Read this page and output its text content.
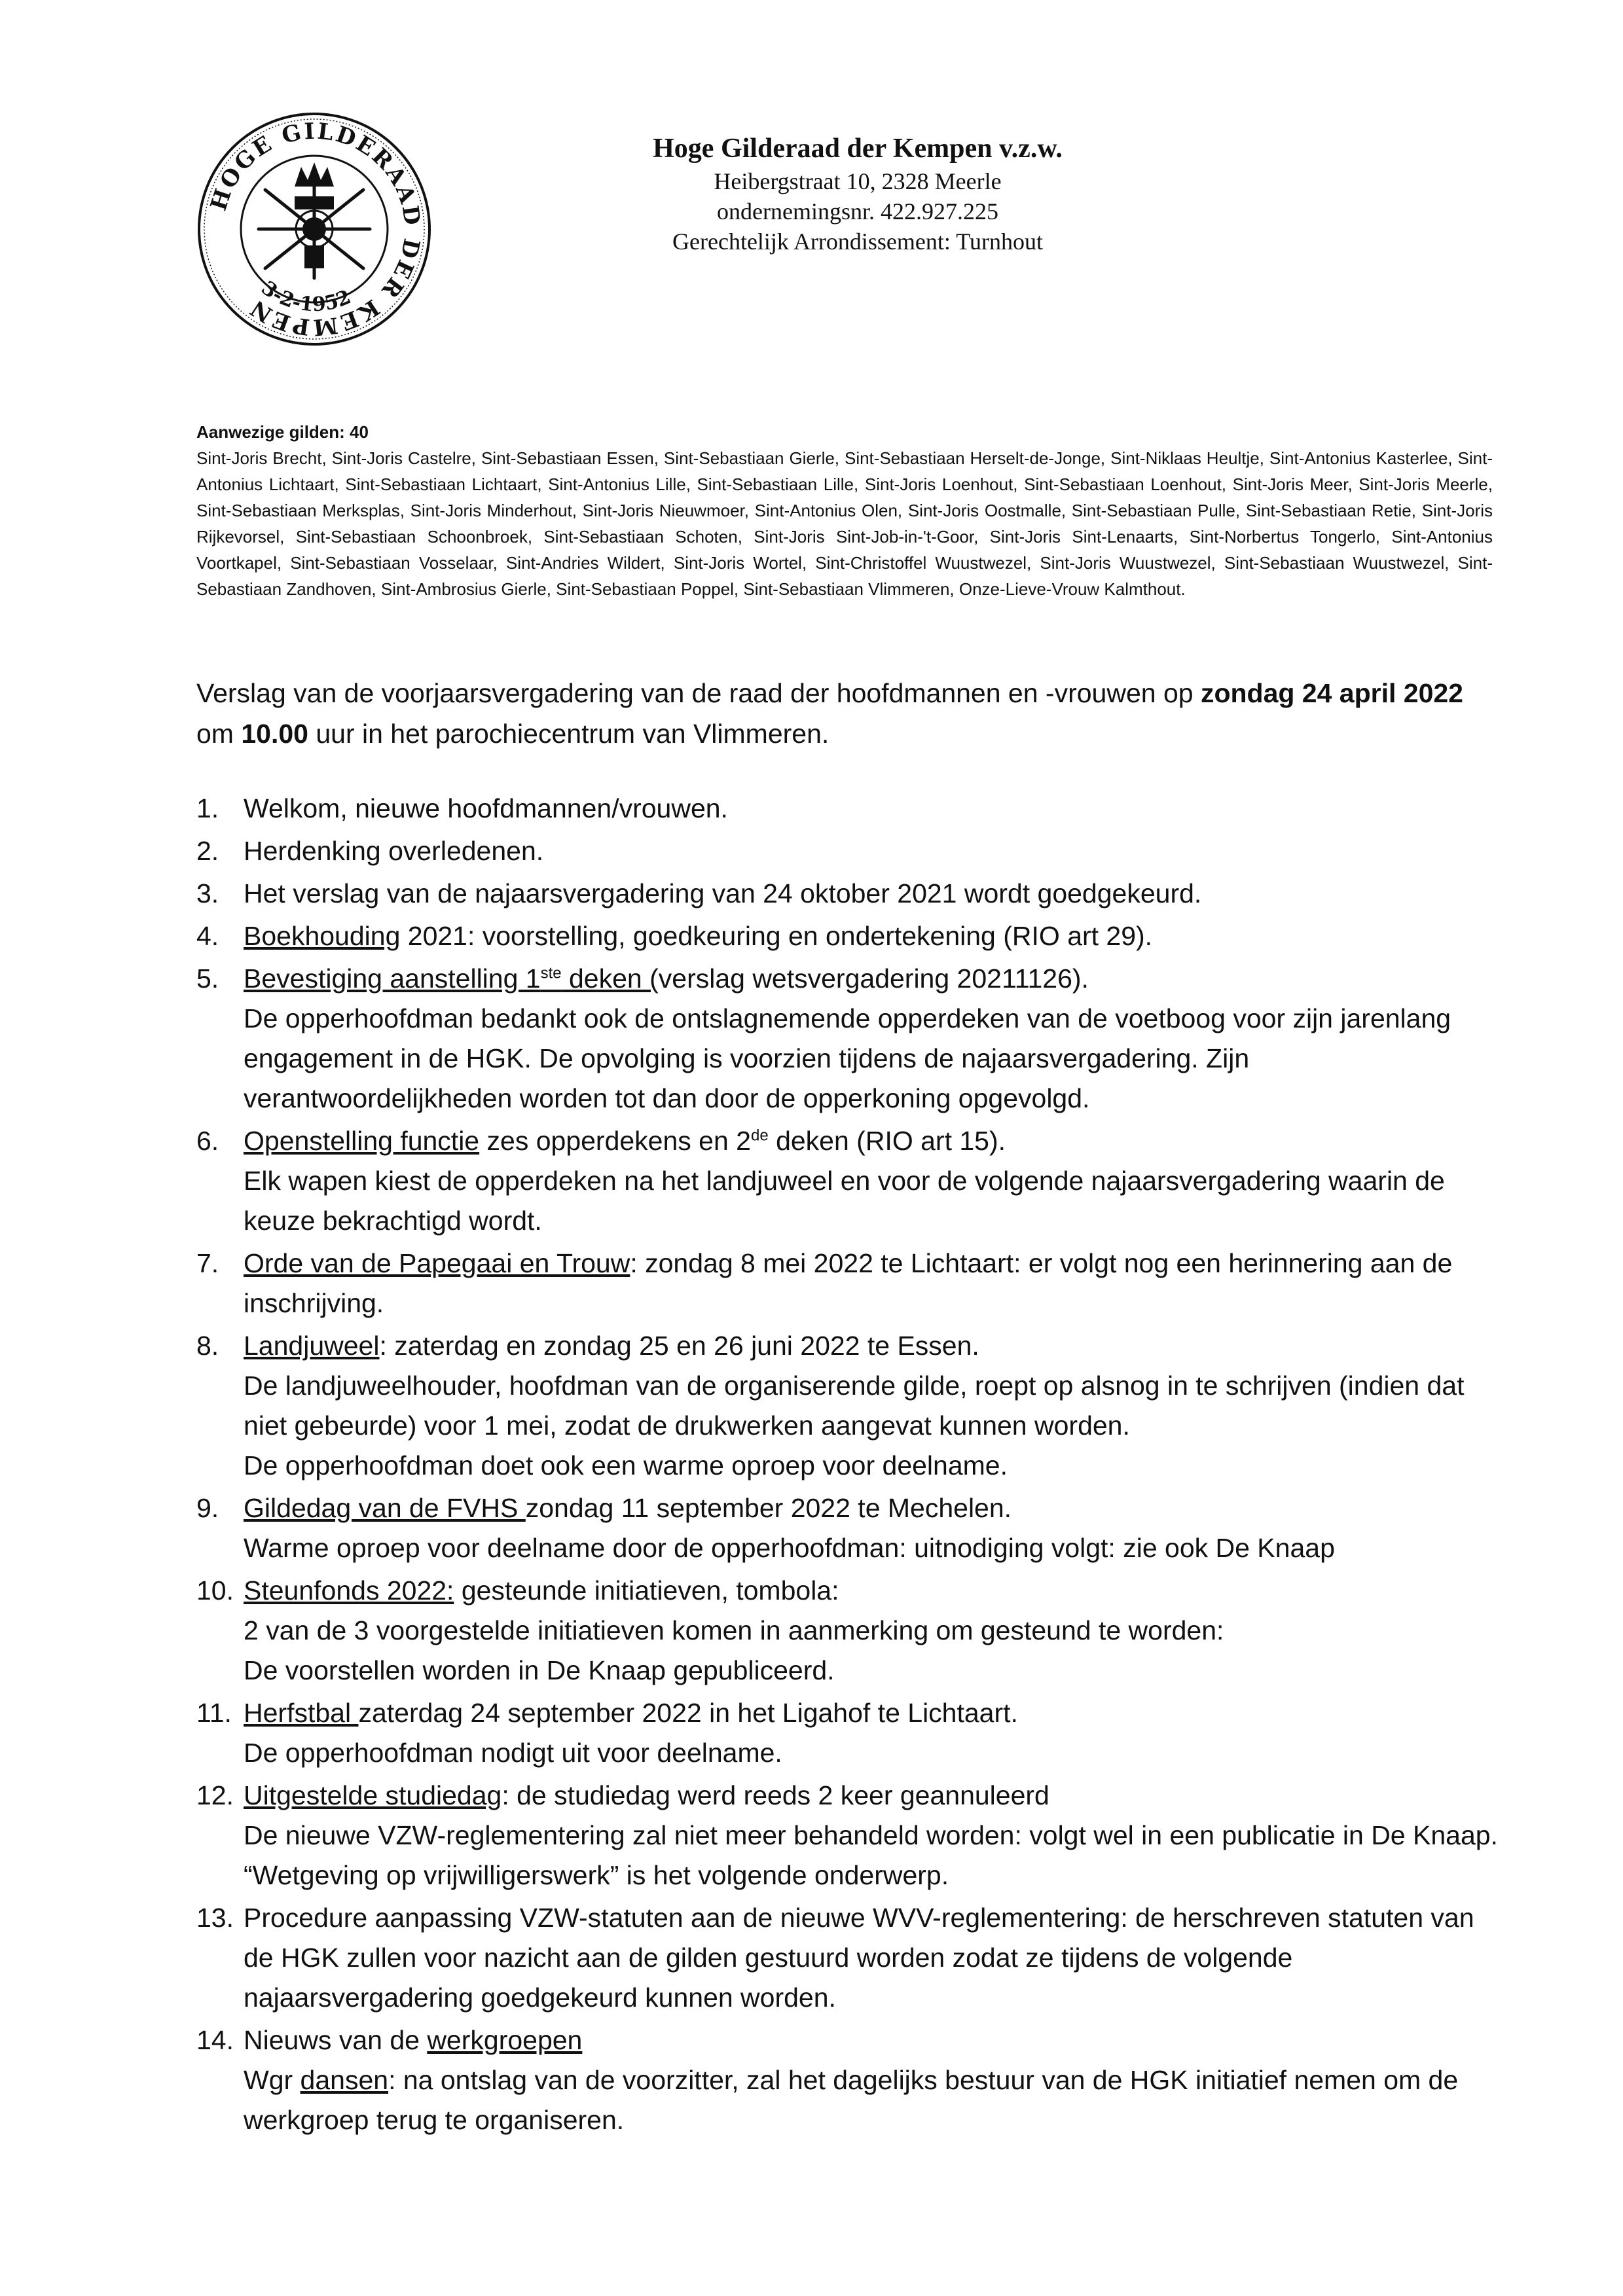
HOGE GILDERAAD DER KEMPEN
3-2-1952
Hoge Gilderaad der Kempen v.z.w.
Heibergstraat 10, 2328 Meerle
ondernemingsnr. 422.927.225
Gerechtelijk Arrondissement: Turnhout
Aanwezige gilden: 40
Sint-Joris Brecht, Sint-Joris Castelre, Sint-Sebastiaan Essen, Sint-Sebastiaan Gierle, Sint-Sebastiaan Herselt-de-Jonge, Sint-Niklaas Heultje, Sint-Antonius Kasterlee, Sint-Antonius Lichtaart, Sint-Sebastiaan Lichtaart, Sint-Antonius Lille, Sint-Sebastiaan Lille, Sint-Joris Loenhout, Sint-Sebastiaan Loenhout, Sint-Joris Meer, Sint-Joris Meerle, Sint-Sebastiaan Merksplas, Sint-Joris Minderhout, Sint-Joris Nieuwmoer, Sint-Antonius Olen, Sint-Joris Oostmalle, Sint-Sebastiaan Pulle, Sint-Sebastiaan Retie, Sint-Joris Rijkevorsel, Sint-Sebastiaan Schoonbroek, Sint-Sebastiaan Schoten, Sint-Joris Sint-Job-in-'t-Goor, Sint-Joris Sint-Lenaarts, Sint-Norbertus Tongerlo, Sint-Antonius Voortkapel, Sint-Sebastiaan Vosselaar, Sint-Andries Wildert, Sint-Joris Wortel, Sint-Christoffel Wuustwezel, Sint-Joris Wuustwezel, Sint-Sebastiaan Wuustwezel, Sint-Sebastiaan Zandhoven, Sint-Ambrosius Gierle, Sint-Sebastiaan Poppel, Sint-Sebastiaan Vlimmeren, Onze-Lieve-Vrouw Kalmthout.
Verslag van de voorjaarsvergadering van de raad der hoofdmannen en -vrouwen op zondag 24 april 2022 om 10.00 uur in het parochiecentrum van Vlimmeren.
1. Welkom, nieuwe hoofdmannen/vrouwen.
2. Herdenking overledenen.
3. Het verslag van de najaarsvergadering van 24 oktober 2021 wordt goedgekeurd.
4. Boekhouding 2021: voorstelling, goedkeuring en ondertekening (RIO art 29).
5. Bevestiging aanstelling 1ste deken (verslag wetsvergadering 20211126).
De opperhoofdman bedankt ook de ontslagnemende opperdeken van de voetboog voor zijn jarenlang engagement in de HGK. De opvolging is voorzien tijdens de najaarsvergadering. Zijn verantwoordelijkheden worden tot dan door de opperkoning opgevolgd.
6. Openstelling functie zes opperdekens en 2de deken (RIO art 15).
Elk wapen kiest de opperdeken na het landjuweel en voor de volgende najaarsvergadering waarin de keuze bekrachtigd wordt.
7. Orde van de Papegaai en Trouw: zondag 8 mei 2022 te Lichtaart: er volgt nog een herinnering aan de inschrijving.
8. Landjuweel: zaterdag en zondag 25 en 26 juni 2022 te Essen.
De landjuweelhouder, hoofdman van de organiserende gilde, roept op alsnog in te schrijven (indien dat niet gebeurde) voor 1 mei, zodat de drukwerken aangevat kunnen worden.
De opperhoofdman doet ook een warme oproep voor deelname.
9. Gildedag van de FVHS zondag 11 september 2022 te Mechelen.
Warme oproep voor deelname door de opperhoofdman: uitnodiging volgt: zie ook De Knaap
10. Steunfonds 2022: gesteunde initiatieven, tombola:
2 van de 3 voorgestelde initiatieven komen in aanmerking om gesteund te worden:
De voorstellen worden in De Knaap gepubliceerd.
11. Herfstbal zaterdag 24 september 2022 in het Ligahof te Lichtaart.
De opperhoofdman nodigt uit voor deelname.
12. Uitgestelde studiedag: de studiedag werd reeds 2 keer geannuleerd
De nieuwe VZW-reglementering zal niet meer behandeld worden: volgt wel in een publicatie in De Knaap.
“Wetgeving op vrijwilligerswerk” is het volgende onderwerp.
13. Procedure aanpassing VZW-statuten aan de nieuwe WVV-reglementering: de herschreven statuten van de HGK zullen voor nazicht aan de gilden gestuurd worden zodat ze tijdens de volgende najaarsvergadering goedgekeurd kunnen worden.
14. Nieuws van de werkgroepen
Wgr dansen: na ontslag van de voorzitter, zal het dagelijks bestuur van de HGK initiatief nemen om de werkgroep terug te organiseren.
